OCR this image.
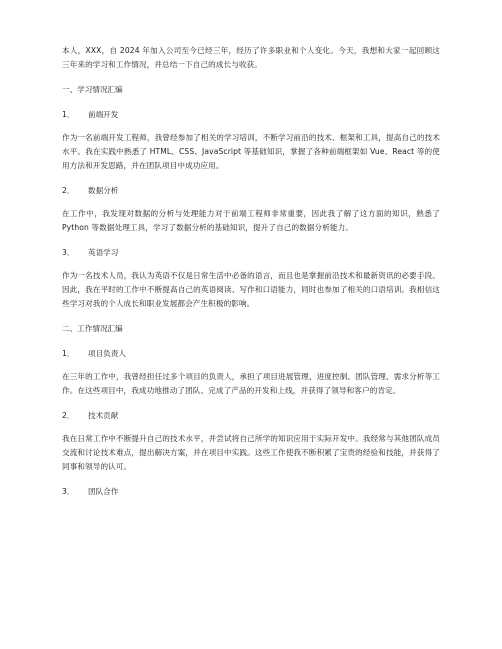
本人，XXX，自 2024 年加入公司至今已经三年，经历了许多职业和个人变化。今天，我想和大家一起回顾这三年来的学习和工作情况，并总结一下自己的成长与收获。

一、学习情况汇编
1． 前端开发

作为一名前端开发工程师，我曾经参加了相关的学习培训，不断学习前沿的技术、框架和工具，提高自己的技术水平。我在实践中熟悉了 HTML、CSS、JavaScript 等基础知识，掌握了各种前端框架如 Vue、React 等的使用方法和开发思路，并在团队项目中成功应用。

2． 数据分析

在工作中，我发现对数据的分析与处理能力对于前端工程师非常重要，因此我了解了这方面的知识，熟悉了 Python 等数据处理工具，学习了数据分析的基础知识，提升了自己的数据分析能力。

3． 英语学习

作为一名技术人员，我认为英语不仅是日常生活中必备的语言，而且也是掌握前沿技术和最新资讯的必要手段。因此，我在平时的工作中不断提高自己的英语阅读、写作和口语能力，同时也参加了相关的口语培训。我相信这些学习对我的个人成长和职业发展都会产生积极的影响。

二、工作情况汇编
1． 项目负责人

在三年的工作中，我曾经担任过多个项目的负责人，承担了项目进展管理、进度控制、团队管理、需求分析等工作。在这些项目中，我成功地推动了团队、完成了产品的开发和上线，并获得了领导和客户的肯定。

2． 技术贡献

我在日常工作中不断提升自己的技术水平，并尝试将自己所学的知识应用于实际开发中。我经常与其他团队成员交流和讨论技术难点，提出解决方案，并在项目中实践。这些工作使我不断积累了宝贵的经验和技能，并获得了同事和领导的认可。

3． 团队合作
